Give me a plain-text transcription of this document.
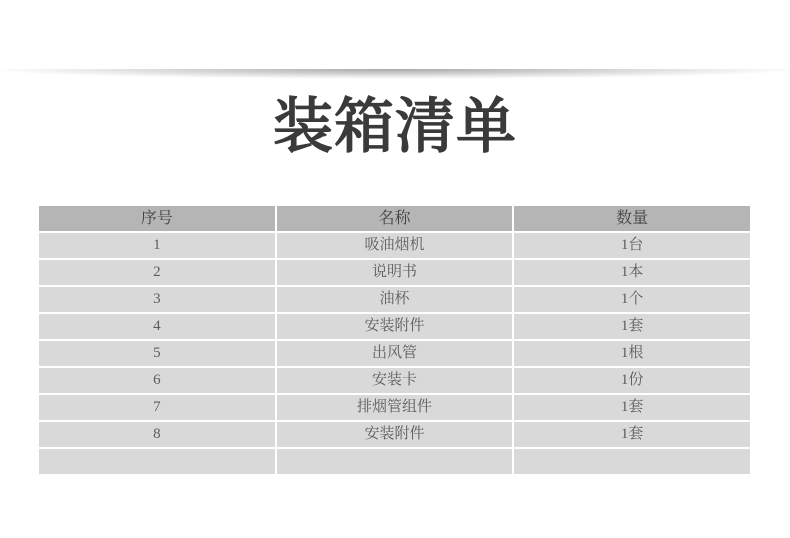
装箱清单
序号	名称	数量
1	吸油烟机	1台
2	说明书	1本
3	油杯	1个
4	安装附件	1套
5	出风管	1根
6	安装卡	1份
7	排烟管组件	1套
8	安装附件	1套
